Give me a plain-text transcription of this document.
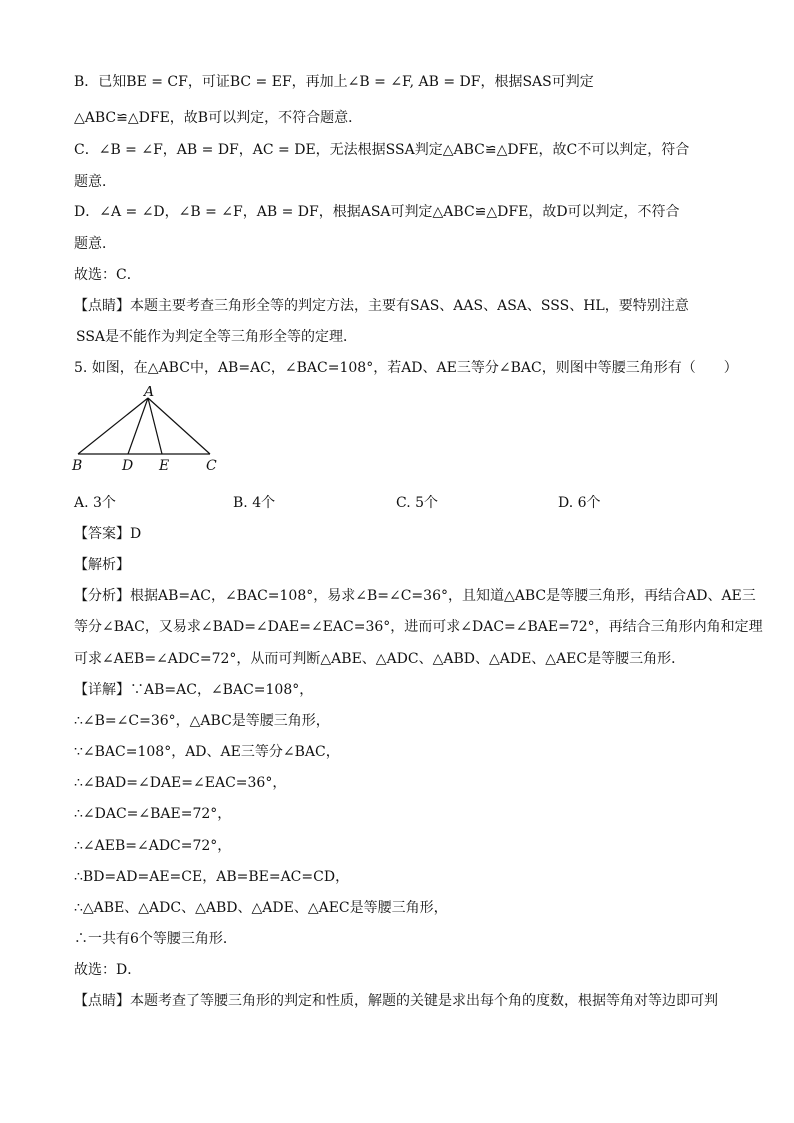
B．已知BE = CF，可证BC = EF，再加上∠B = ∠F, AB = DF，根据SAS可判定
△ABC≌△DFE，故B可以判定，不符合题意．
C．∠B = ∠F，AB = DF，AC = DE，无法根据SSA判定△ABC≌△DFE，故C不可以判定，符合
题意．
D．∠A = ∠D，∠B = ∠F，AB = DF，根据ASA可判定△ABC≌△DFE，故D可以判定，不符合
题意．
故选：C．
【点睛】本题主要考查三角形全等的判定方法，主要有SAS、AAS、ASA、SSS、HL，要特别注意
SSA是不能作为判定全等三角形全等的定理．
5. 如图，在△ABC中，AB=AC，∠BAC=108°，若AD、AE三等分∠BAC，则图中等腰三角形有（　　）
A
B	D E	C
A. 3个	B. 4个	C. 5个	D. 6个
【答案】D
【解析】
【分析】根据AB=AC，∠BAC=108°，易求∠B=∠C=36°，且知道△ABC是等腰三角形，再结合AD、AE三
等分∠BAC，又易求∠BAD=∠DAE=∠EAC=36°，进而可求∠DAC=∠BAE=72°，再结合三角形内角和定理
可求∠AEB=∠ADC=72°，从而可判断△ABE、△ADC、△ABD、△ADE、△AEC是等腰三角形．
【详解】∵AB=AC，∠BAC=108°，
∴∠B=∠C=36°，△ABC是等腰三角形，
∵∠BAC=108°，AD、AE三等分∠BAC，
∴∠BAD=∠DAE=∠EAC=36°，
∴∠DAC=∠BAE=72°，
∴∠AEB=∠ADC=72°，
∴BD=AD=AE=CE，AB=BE=AC=CD，
∴△ABE、△ADC、△ABD、△ADE、△AEC是等腰三角形，
∴一共有6个等腰三角形．
故选：D．
【点睛】本题考查了等腰三角形的判定和性质，解题的关键是求出每个角的度数，根据等角对等边即可判
